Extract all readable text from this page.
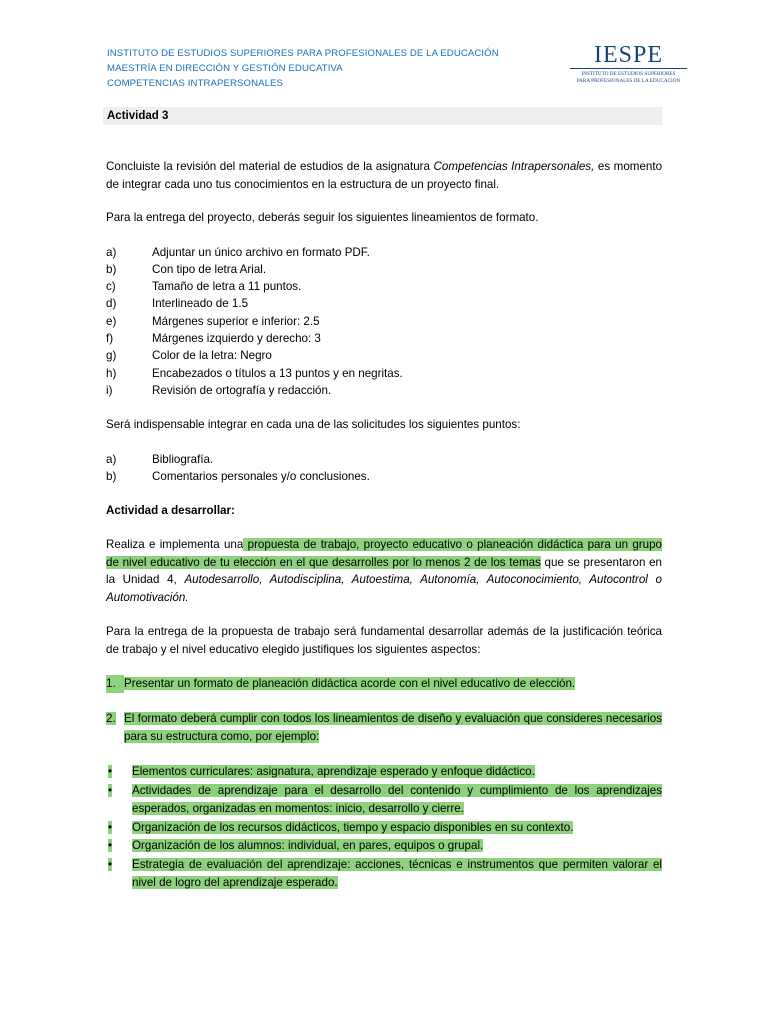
INSTITUTO DE ESTUDIOS SUPERIORES PARA PROFESIONALES DE LA EDUCACIÓN
MAESTRÍA EN DIRECCIÓN Y GESTIÓN EDUCATIVA
COMPETENCIAS INTRAPERSONALES
IESPE
INSTITUTO DE ESTUDIOS SUPERIORES
PARA PROFESIONALES DE LA EDUCACIÓN
Actividad 3

Concluiste la revisión del material de estudios de la asignatura Competencias Intrapersonales, es momento de integrar cada uno tus conocimientos en la estructura de un proyecto final.

Para la entrega del proyecto, deberás seguir los siguientes lineamientos de formato.

a)	Adjuntar un único archivo en formato PDF.
b)	Con tipo de letra Arial.
c)	Tamaño de letra a 11 puntos.
d)	Interlineado de 1.5
e)	Márgenes superior e inferior: 2.5
f)	Márgenes izquierdo y derecho: 3
g)	Color de la letra: Negro
h)	Encabezados o títulos a 13 puntos y en negritas.
i)	Revisión de ortografía y redacción.

Será indispensable integrar en cada una de las solicitudes los siguientes puntos:

a)	Bibliografía.
b)	Comentarios personales y/o conclusiones.

Actividad a desarrollar:

Realiza e implementa una propuesta de trabajo, proyecto educativo o planeación didáctica para un grupo de nivel educativo de tu elección en el que desarrolles por lo menos 2 de los temas que se presentaron en la Unidad 4, Autodesarrollo, Autodisciplina, Autoestima, Autonomía, Autoconocimiento, Autocontrol o Automotivación.

Para la entrega de la propuesta de trabajo será fundamental desarrollar además de la justificación teórica de trabajo y el nivel educativo elegido justifiques los siguientes aspectos:

1. Presentar un formato de planeación didáctica acorde con el nivel educativo de elección.
2. El formato deberá cumplir con todos los lineamientos de diseño y evaluación que consideres necesarios para su estructura como, por ejemplo:
•	Elementos curriculares: asignatura, aprendizaje esperado y enfoque didáctico.
•	Actividades de aprendizaje para el desarrollo del contenido y cumplimiento de los aprendizajes esperados, organizadas en momentos: inicio, desarrollo y cierre.
•	Organización de los recursos didácticos, tiempo y espacio disponibles en su contexto.
•	Organización de los alumnos: individual, en pares, equipos o grupal.
•	Estrategia de evaluación del aprendizaje: acciones, técnicas e instrumentos que permiten valorar el nivel de logro del aprendizaje esperado.
